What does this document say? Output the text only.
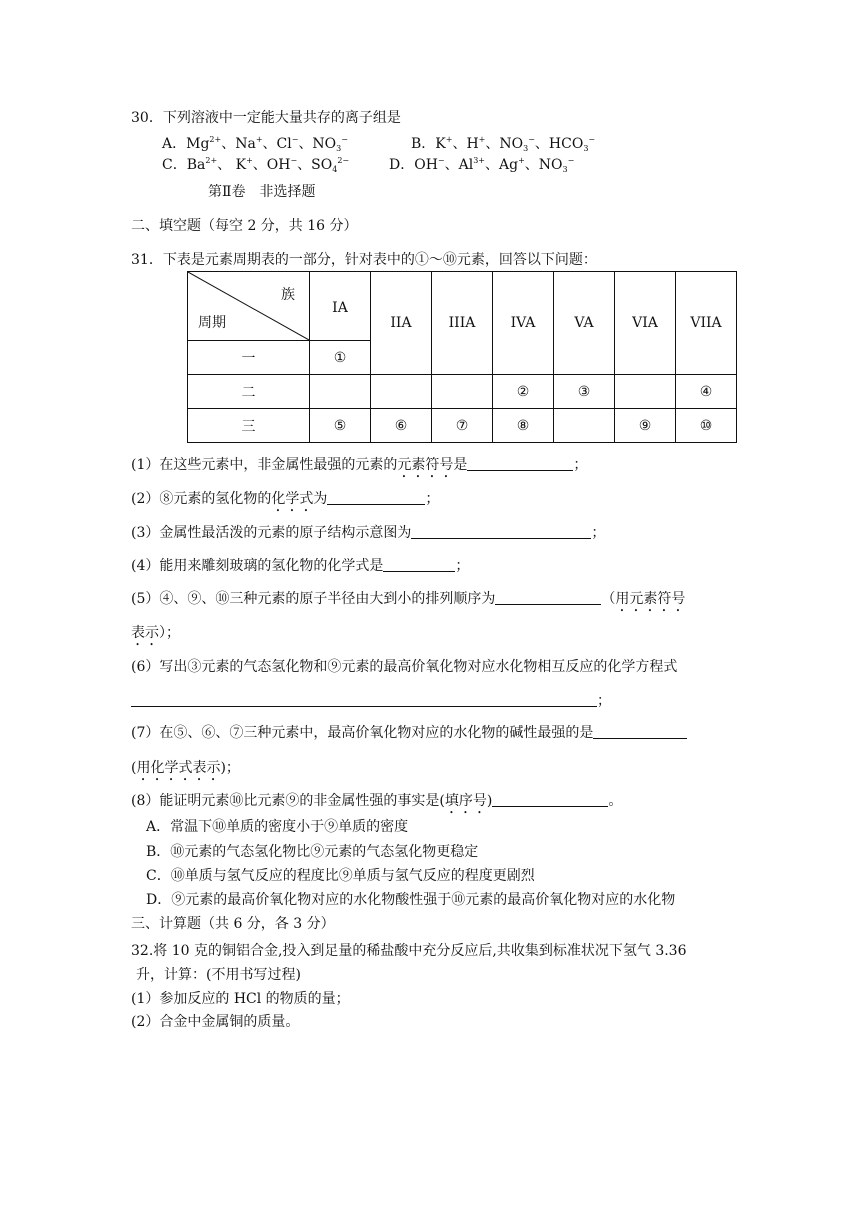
30．下列溶液中一定能大量共存的离子组是
A．$Mg^{2+}$、Na+、Cl−、$NO_3^-$	B．K+、H+、$NO_3^-$、$HCO_3^-$
C．$Ba^{2+}$、 K+、OH−、$SO_4^{2-}$	D．OH−、$Al^{3+}$、Ag+、$NO_3^-$
第Ⅱ卷　非选择题
二、填空题（每空 2 分，共 16 分）
31．下表是元素周期表的一部分，针对表中的①～⑩元素，回答以下问题：
族
周期	IA	IIA	IIIA	IVA	VA	VIA	VIIA
一	①						
二				②	③		④
三	⑤	⑥	⑦	⑧		⑨	⑩
(1）在这些元素中，非金属性最强的元素的元素符号是	；
(2）⑧元素的氢化物的化学式为	；
(3）金属性最活泼的元素的原子结构示意图为	；
(4）能用来雕刻玻璃的氢化物的化学式是	；
(5）④、⑨、⑩三种元素的原子半径由大到小的排列顺序为	（用元素符号
表示）；
(6）写出③元素的气态氢化物和⑨元素的最高价氧化物对应水化物相互反应的化学方程式
；
(7）在⑤、⑥、⑦三种元素中，最高价氧化物对应的水化物的碱性最强的是
(用化学式表示)；
(8）能证明元素⑩比元素⑨的非金属性强的事实是(填序号)	。
A．常温下⑩单质的密度小于⑨单质的密度
B．⑩元素的气态氢化物比⑨元素的气态氢化物更稳定
C．⑩单质与氢气反应的程度比⑨单质与氢气反应的程度更剧烈
D．⑨元素的最高价氧化物对应的水化物酸性强于⑩元素的最高价氧化物对应的水化物
三、计算题（共 6 分，各 3 分）
32.将 10 克的铜铝合金,投入到足量的稀盐酸中充分反应后,共收集到标准状况下氢气 3.36
升，计算：(不用书写过程)
(1）参加反应的 HCl 的物质的量；
(2）合金中金属铜的质量。
